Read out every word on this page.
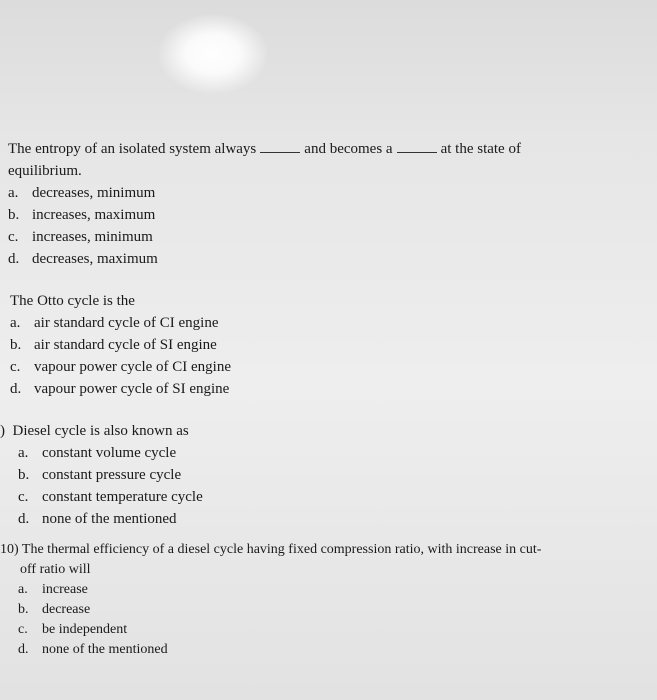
The entropy of an isolated system always	and becomes a	at the state of

equilibrium.

a. decreases, minimum
b. increases, maximum
c. increases, minimum
d. decreases, maximum

The Otto cycle is the

a. air standard cycle of CI engine
b. air standard cycle of SI engine
c. vapour power cycle of CI engine
d. vapour power cycle of SI engine

) Diesel cycle is also known as

a. constant volume cycle
b. constant pressure cycle
c. constant temperature cycle
d. none of the mentioned

10) The thermal efficiency of a diesel cycle having fixed compression ratio, with increase in cut-

off ratio will

a.	increase
b. decrease
c.	be independent
d. none of the mentioned
